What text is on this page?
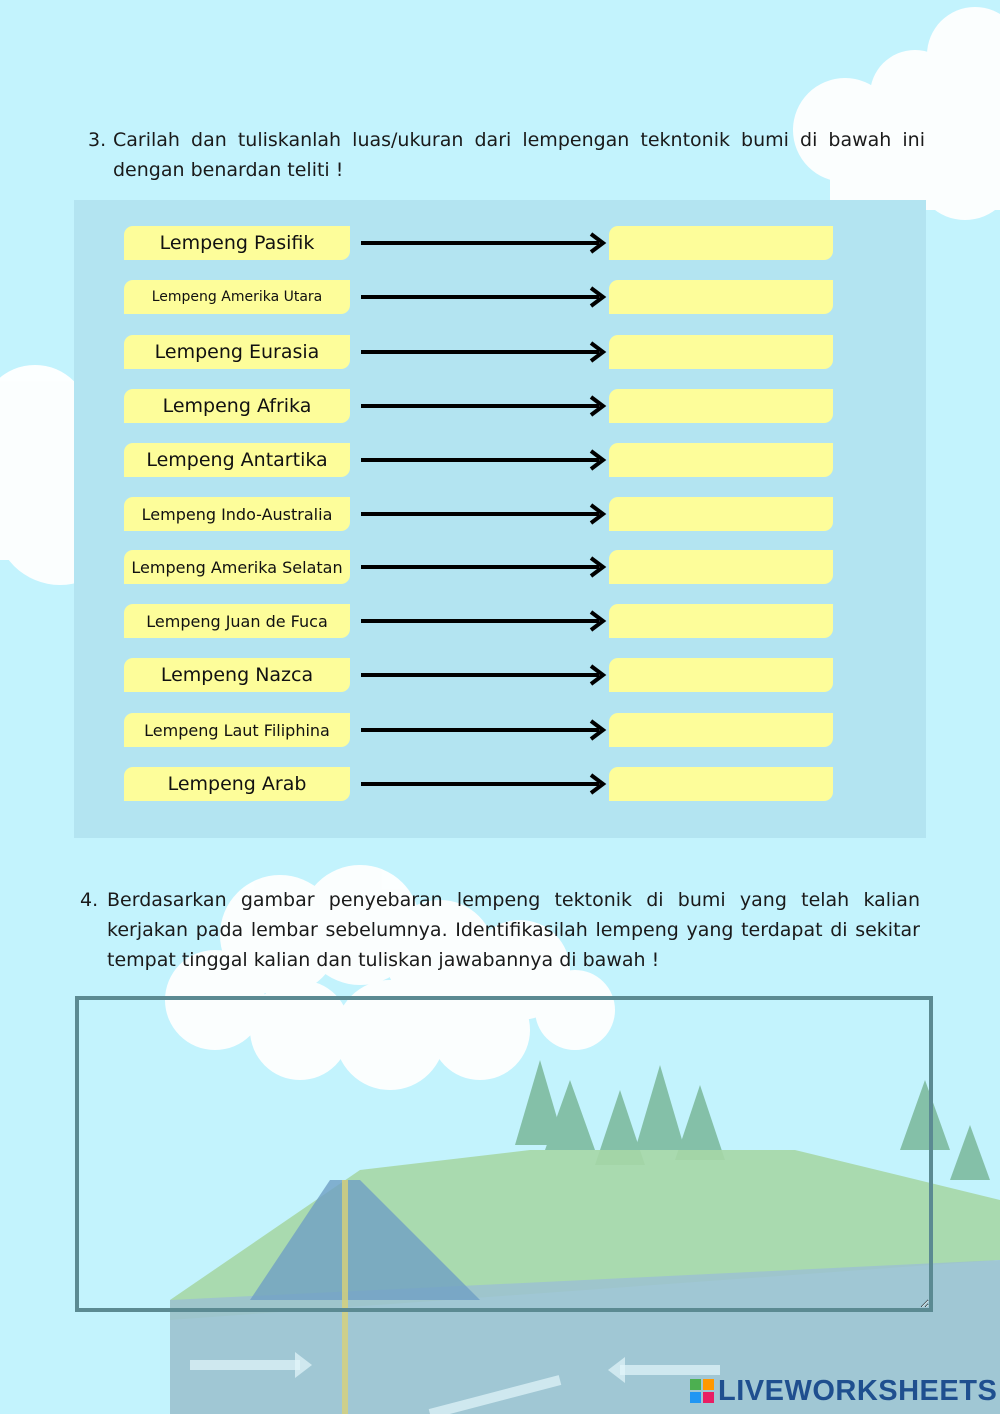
3. Carilah dan tuliskanlah luas/ukuran dari lempengan tekntonik bumi di bawah ini dengan benardan teliti !
Lempeng Pasifik
Lempeng Amerika Utara
Lempeng Eurasia
Lempeng Afrika
Lempeng Antartika
Lempeng Indo-Australia
Lempeng Amerika Selatan
Lempeng Juan de Fuca
Lempeng Nazca
Lempeng Laut Filiphina
Lempeng Arab
4. Berdasarkan gambar penyebaran lempeng tektonik di bumi yang telah kalian kerjakan pada lembar sebelumnya. Identifikasilah lempeng yang terdapat di sekitar tempat tinggal kalian dan tuliskan jawabannya di bawah !
LIVEWORKSHEETS
